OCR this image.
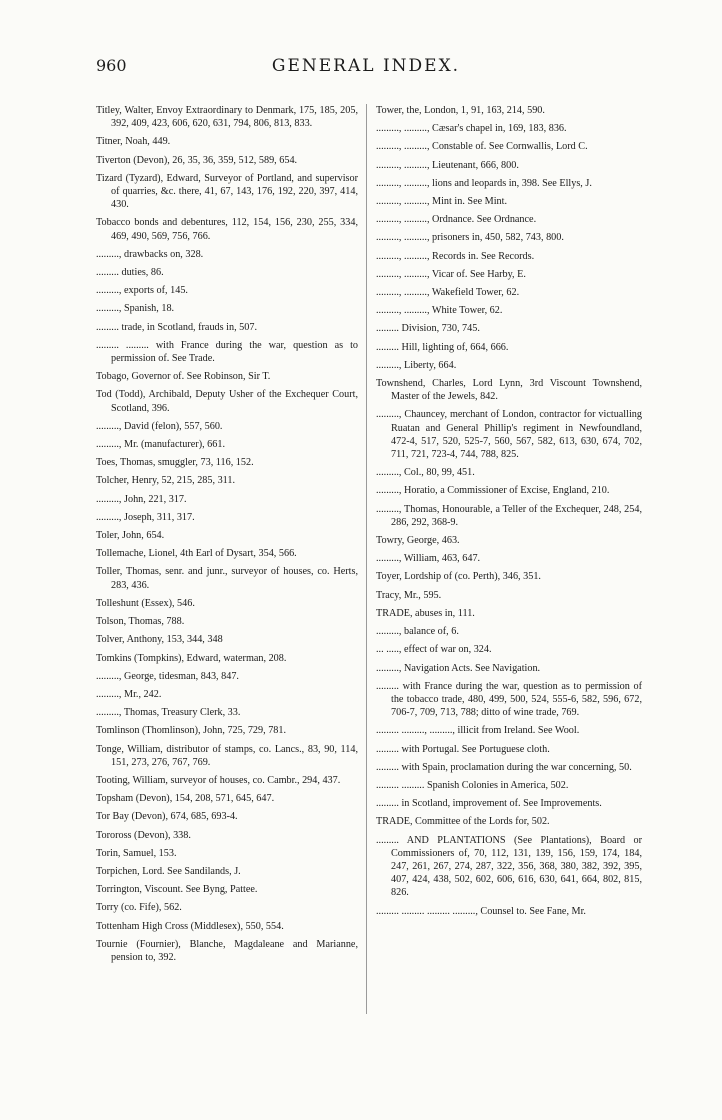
960	GENERAL INDEX.

Titley, Walter, Envoy Extraordinary to Denmark, 175, 185, 205, 392, 409, 423, 606, 620, 631, 794, 806, 813, 833.

Titner, Noah, 449.

Tiverton (Devon), 26, 35, 36, 359, 512, 589, 654.

Tizard (Tyzard), Edward, Surveyor of Portland, and supervisor of quarries, &c. there, 41, 67, 143, 176, 192, 220, 397, 414, 430.

Tobacco bonds and debentures, 112, 154, 156, 230, 255, 334, 469, 490, 569, 756, 766.

........., drawbacks on, 328.

......... duties, 86.

........., exports of, 145.

........., Spanish, 18.

......... trade, in Scotland, frauds in, 507.

......... ......... with France during the war, question as to permission of. See Trade.

Tobago, Governor of. See Robinson, Sir T.

Tod (Todd), Archibald, Deputy Usher of the Exchequer Court, Scotland, 396.

........., David (felon), 557, 560.

........., Mr. (manufacturer), 661.

Toes, Thomas, smuggler, 73, 116, 152.

Tolcher, Henry, 52, 215, 285, 311.

........., John, 221, 317.

........., Joseph, 311, 317.

Toler, John, 654.

Tollemache, Lionel, 4th Earl of Dysart, 354, 566.

Toller, Thomas, senr. and junr., surveyor of houses, co. Herts, 283, 436.

Tolleshunt (Essex), 546.

Tolson, Thomas, 788.

Tolver, Anthony, 153, 344, 348

Tomkins (Tompkins), Edward, waterman, 208.

........., George, tidesman, 843, 847.

........., Mr., 242.

........., Thomas, Treasury Clerk, 33.

Tomlinson (Thomlinson), John, 725, 729, 781.

Tonge, William, distributor of stamps, co. Lancs., 83, 90, 114, 151, 273, 276, 767, 769.

Tooting, William, surveyor of houses, co. Cambr., 294, 437.

Topsham (Devon), 154, 208, 571, 645, 647.

Tor Bay (Devon), 674, 685, 693-4.

Toroross (Devon), 338.

Torin, Samuel, 153.

Torpichen, Lord. See Sandilands, J.

Torrington, Viscount. See Byng, Pattee.

Torry (co. Fife), 562.

Tottenham High Cross (Middlesex), 550, 554.

Tournie (Fournier), Blanche, Magdaleane and Marianne, pension to, 392.

Tower, the, London, 1, 91, 163, 214, 590.

........., ........., Cæsar's chapel in, 169, 183, 836.

........., ........., Constable of. See Cornwallis, Lord C.

........., ........., Lieutenant, 666, 800.

........., ........., lions and leopards in, 398. See Ellys, J.

........., ........., Mint in. See Mint.

........., ........., Ordnance. See Ordnance.

........., ........., prisoners in, 450, 582, 743, 800.

........., ........., Records in. See Records.

........., ........., Vicar of. See Harby, E.

........., ........., Wakefield Tower, 62.

........., ........., White Tower, 62.

......... Division, 730, 745.

......... Hill, lighting of, 664, 666.

........., Liberty, 664.

Townshend, Charles, Lord Lynn, 3rd Viscount Townshend, Master of the Jewels, 842.

........., Chauncey, merchant of London, contractor for victualling Ruatan and General Phillip's regiment in Newfoundland, 472-4, 517, 520, 525-7, 560, 567, 582, 613, 630, 674, 702, 711, 721, 723-4, 744, 788, 825.

........., Col., 80, 99, 451.

........., Horatio, a Commissioner of Excise, England, 210.

........., Thomas, Honourable, a Teller of the Exchequer, 248, 254, 286, 292, 368-9.

Towry, George, 463.

........., William, 463, 647.

Toyer, Lordship of (co. Perth), 346, 351.

Tracy, Mr., 595.

TRADE, abuses in, 111.

........., balance of, 6.

... ....., effect of war on, 324.

........., Navigation Acts. See Navigation.

......... with France during the war, question as to permission of the tobacco trade, 480, 499, 500, 524, 555-6, 582, 596, 672, 706-7, 709, 713, 788; ditto of wine trade, 769.

......... ........., ........., illicit from Ireland. See Wool.

......... with Portugal. See Portuguese cloth.

......... with Spain, proclamation during the war concerning, 50.

......... ......... Spanish Colonies in America, 502.

......... in Scotland, improvement of. See Improvements.

TRADE, Committee of the Lords for, 502.

......... AND PLANTATIONS (See Plantations), Board or Commissioners of, 70, 112, 131, 139, 156, 159, 174, 184, 247, 261, 267, 274, 287, 322, 356, 368, 380, 382, 392, 395, 407, 424, 438, 502, 602, 606, 616, 630, 641, 664, 802, 815, 826.

......... ......... ......... ........., Counsel to. See Fane, Mr.
